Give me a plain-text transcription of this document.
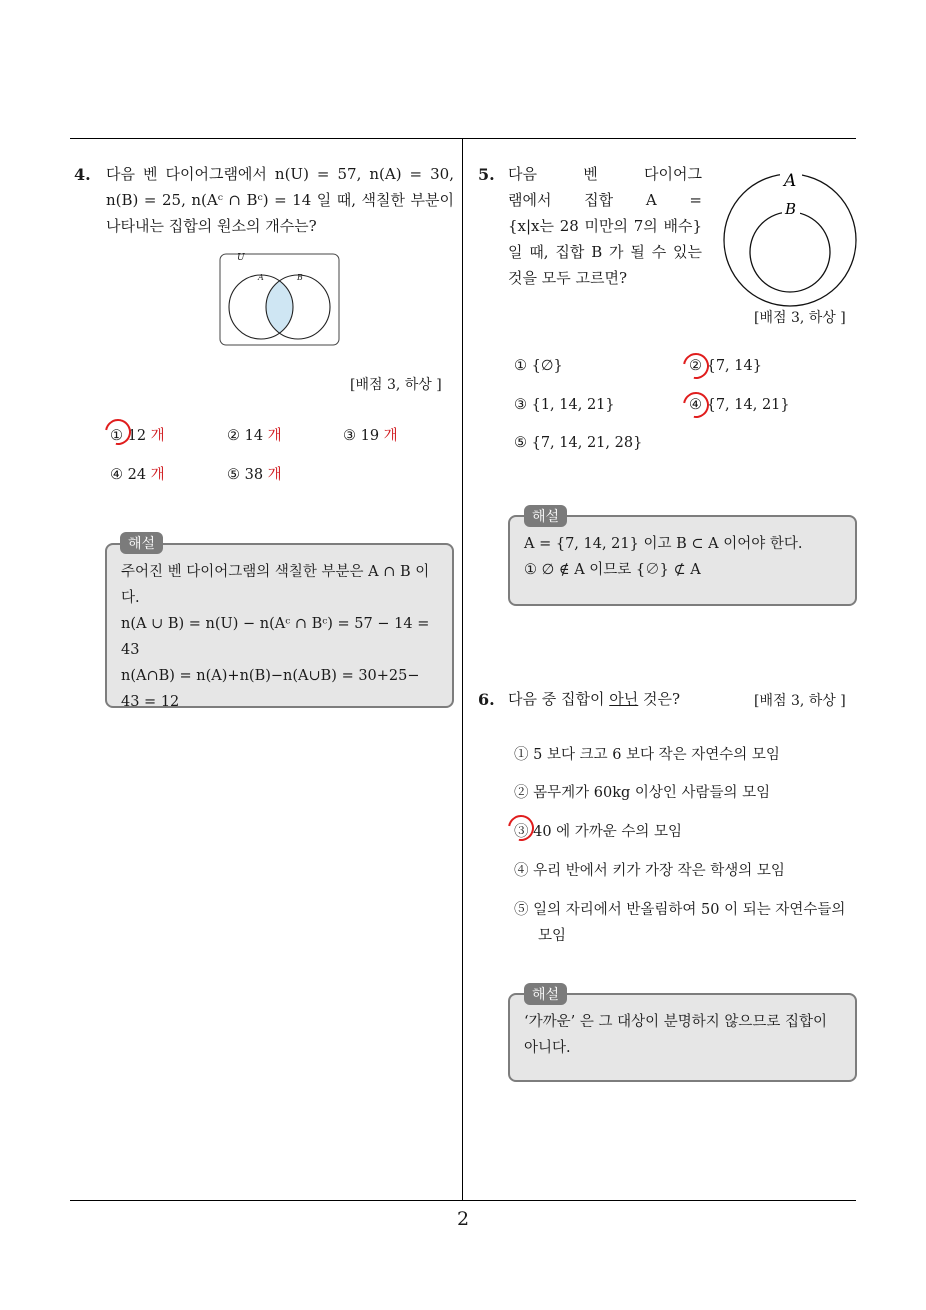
4. 다음 벤 다이어그램에서 n(U) = 57, n(A) = 30, n(B) = 25, n(Aᶜ ∩ Bᶜ) = 14 일 때, 색칠한 부분이 나타내는 집합의 원소의 개수는?
U
A	B
[배점 3, 하상 ]
① 12 개	② 14 개	③ 19 개
④ 24 개	⑤ 38 개
주어진 벤 다이어그램의 색칠한 부분은 A ∩ B 이
다.
n(A ∪ B) = n(U) − n(Aᶜ ∩ Bᶜ) = 57 − 14 = 43
n(A∩B) = n(A)+n(B)−n(A∪B) = 30+25−
43 = 12
해설
5. 다음 벤 다이어그
램에서 집합 A =
{x|x는 28 미만의 7의 배수}
일 때, 집합 B 가 될 수 있는
것을 모두 고르면?
A
B
[배점 3, 하상 ]
① {∅}	② {7, 14}
③ {1, 14, 21}	④ {7, 14, 21}
⑤ {7, 14, 21, 28}
A = {7, 14, 21} 이고 B ⊂ A 이어야 한다.
① ∅ ∉ A 이므로 {∅} ⊄ A
해설
6. 다음 중 집합이 아닌 것은?	[배점 3, 하상 ]
① 5 보다 크고 6 보다 작은 자연수의 모임
② 몸무게가 60kg 이상인 사람들의 모임
③ 40 에 가까운 수의 모임
④ 우리 반에서 키가 가장 작은 학생의 모임
⑤ 일의 자리에서 반올림하여 50 이 되는 자연수들의 모임
‘가까운’ 은 그 대상이 분명하지 않으므로 집합이
아니다.
해설
2
